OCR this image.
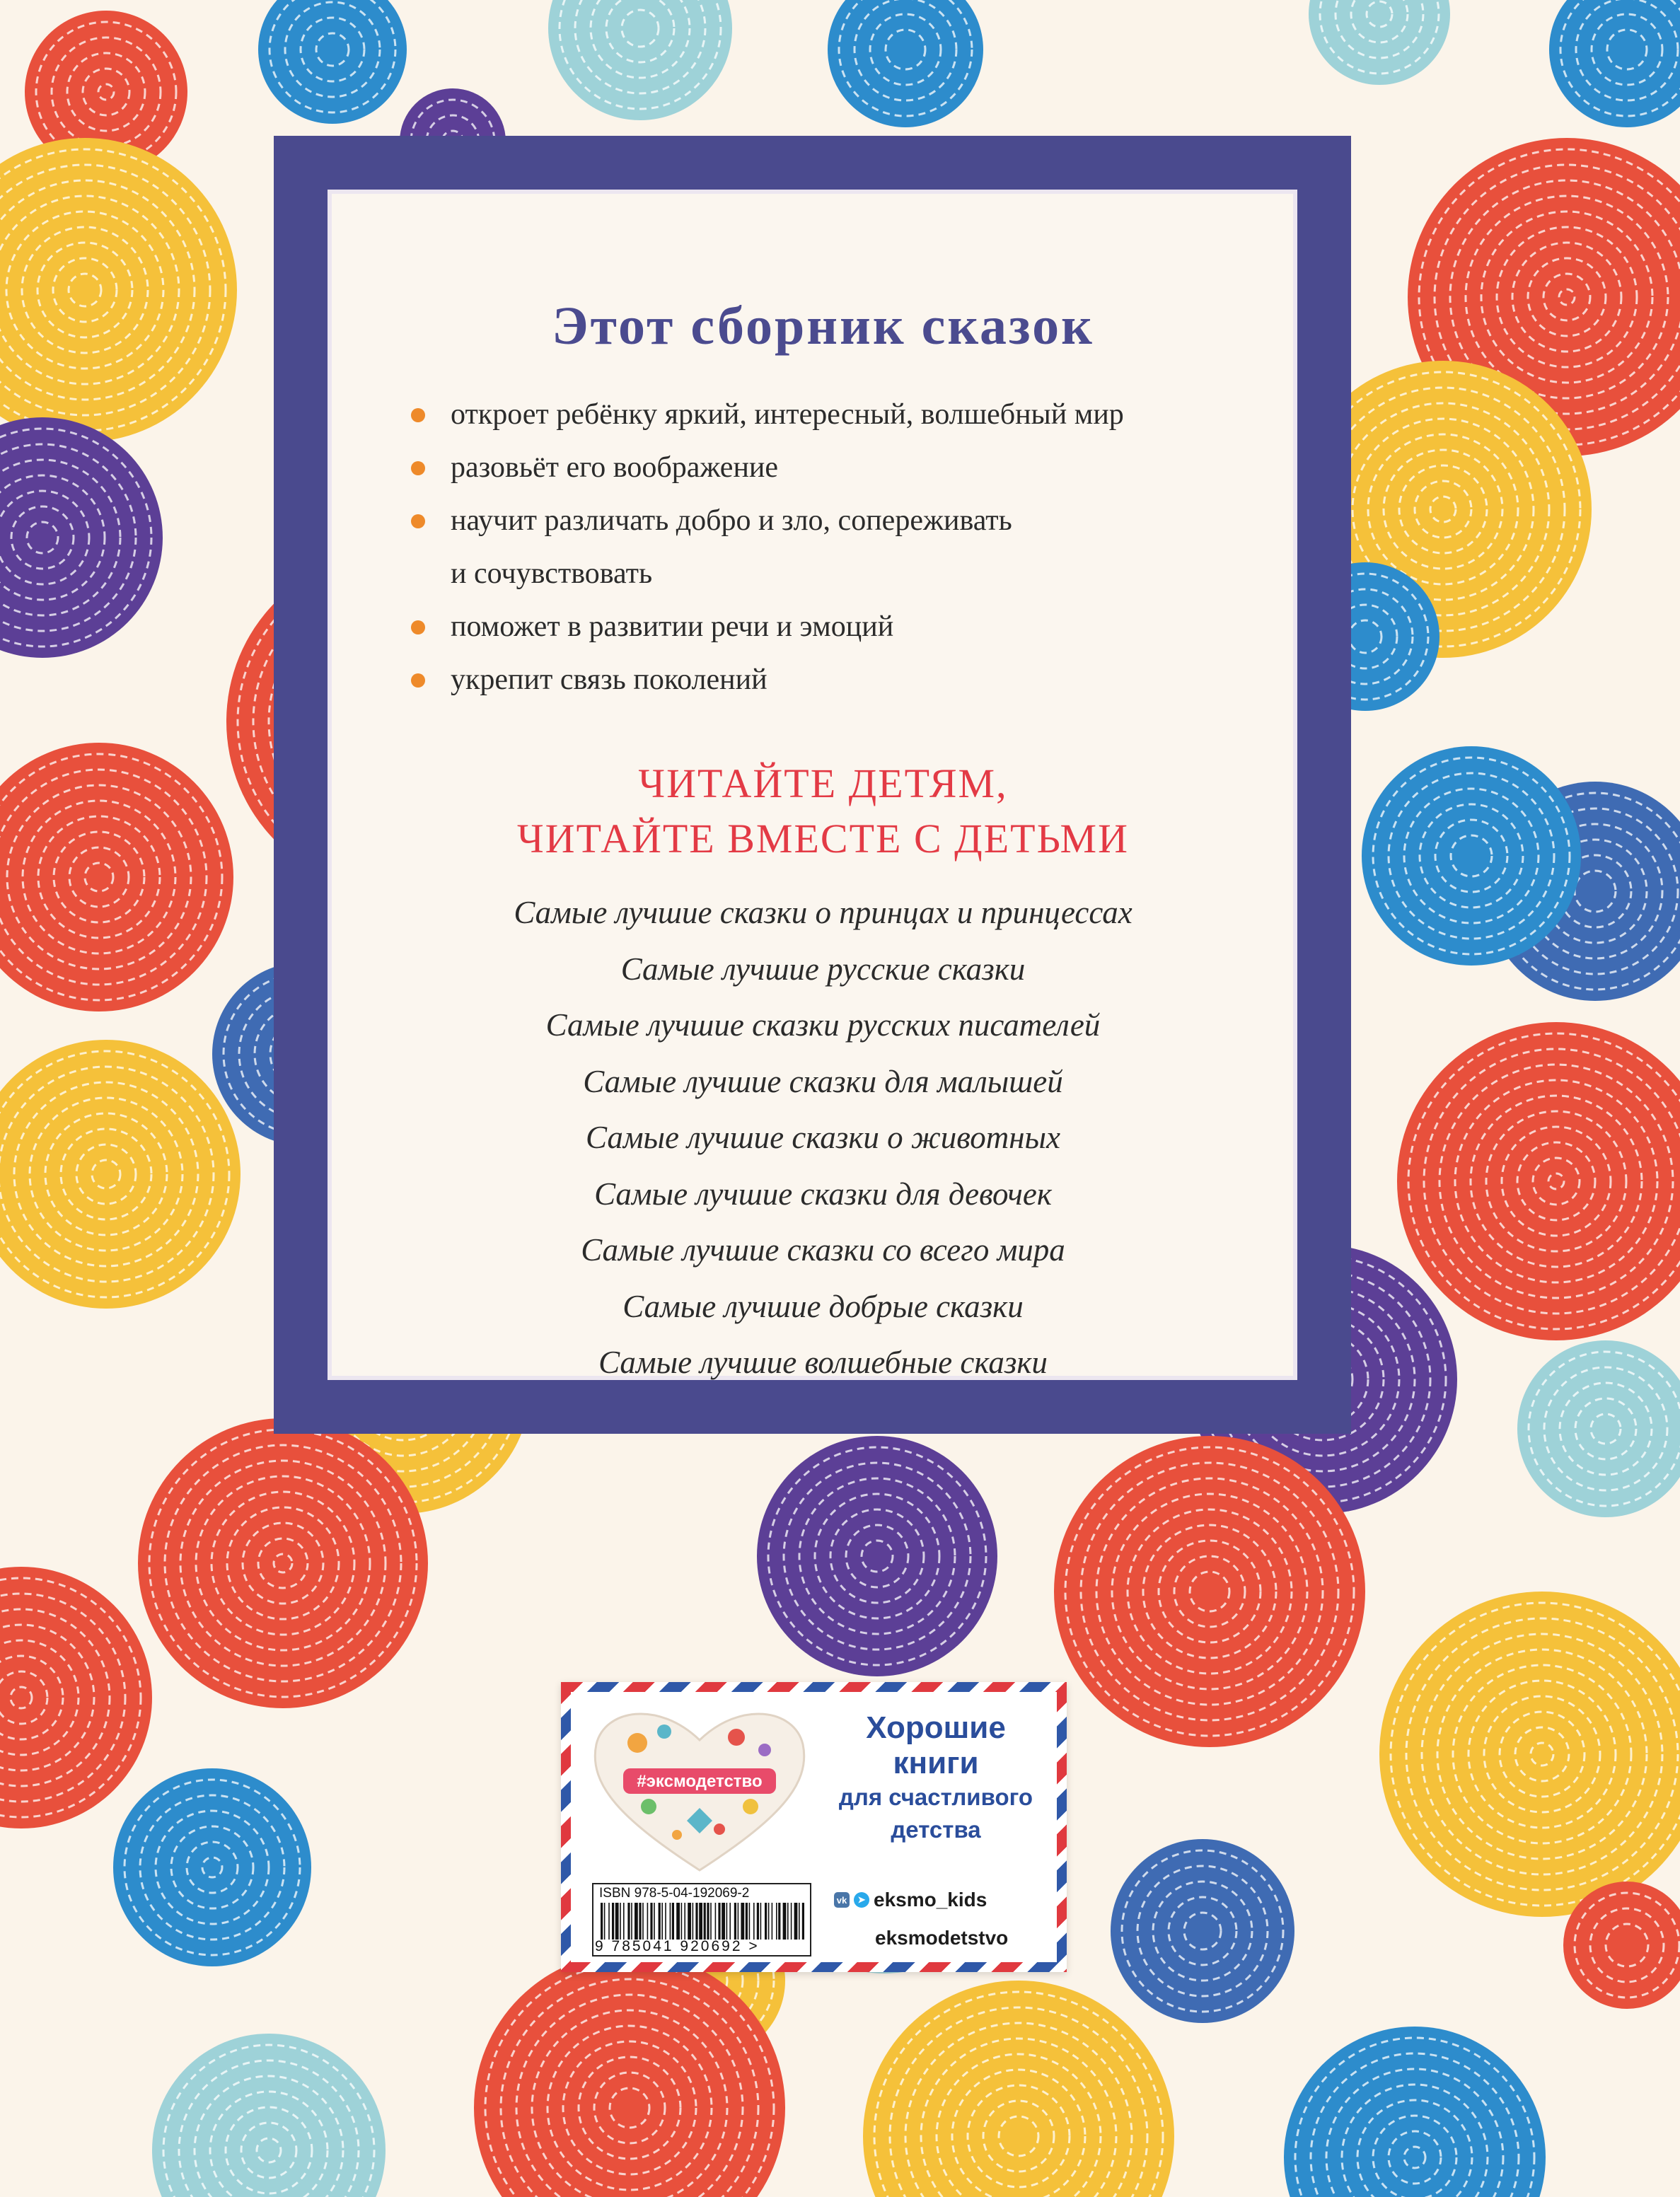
Этот сборник сказок
откроет ребёнку яркий, интересный, волшебный мир
разовьёт его воображение
научит различать добро и зло, сопереживать
и сочувствовать
поможет в развитии речи и эмоций
укрепит связь поколений
ЧИТАЙТЕ ДЕТЯМ,
ЧИТАЙТЕ ВМЕСТЕ С ДЕТЬМИ
Самые лучшие сказки о принцах и принцессах
Самые лучшие русские сказки
Самые лучшие сказки русских писателей
Самые лучшие сказки для малышей
Самые лучшие сказки о животных
Самые лучшие сказки для девочек
Самые лучшие сказки со всего мира
Самые лучшие добрые сказки
Самые лучшие волшебные сказки
#эксмодетство
Хорошие
книги
для счастливого
детства
ISBN 978-5-04-192069-2
9 785041 920692 >
vk	➤ eksmo_kids
eksmodetstvo
